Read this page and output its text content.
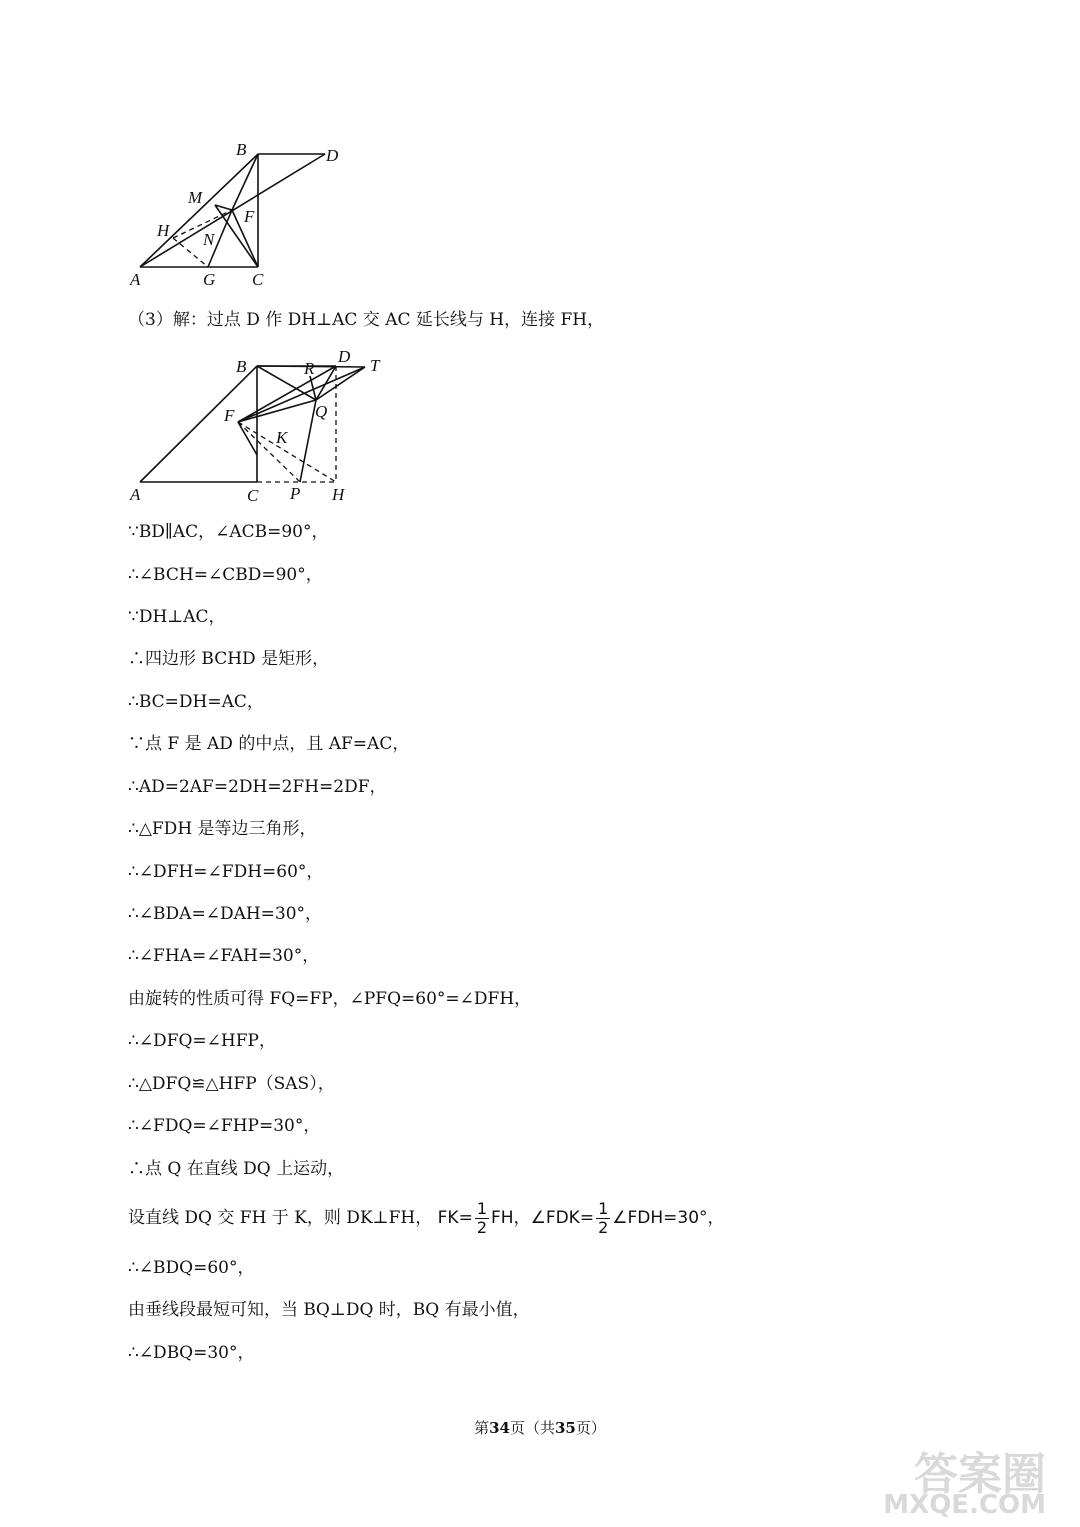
B	D
M
F
H N
A	G C
（3）解：过点 D 作 DH⊥AC 交 AC 延长线与 H，连接 FH，
B	R
D T
F	Q
K
A	C P H
∵BD∥AC，∠ACB=90°，
∴∠BCH=∠CBD=90°，
∵DH⊥AC，
∴四边形 BCHD 是矩形，
∴BC=DH=AC，
∵点 F 是 AD 的中点，且 AF=AC，
∴AD=2AF=2DH=2FH=2DF，
∴△FDH 是等边三角形，
∴∠DFH=∠FDH=60°，
∴∠BDA=∠DAH=30°，
∴∠FHA=∠FAH=30°，
由旋转的性质可得 FQ=FP，∠PFQ=60°=∠DFH，
∴∠DFQ=∠HFP，
∴△DFQ≌△HFP（SAS），
∴∠FDQ=∠FHP=30°，
∴点 Q 在直线 DQ 上运动，
设直线 DQ 交 FH 于 K，则 DK⊥FH， $FK= \frac{1}{2}$ FH，∠FDK= $\frac{1}{2}$ ∠FDH=30°，
∴∠BDQ=60°，
由垂线段最短可知，当 BQ⊥DQ 时，BQ 有最小值，
∴∠DBQ=30°，
第34页（共35页）
答案圈
MXQE.COM
